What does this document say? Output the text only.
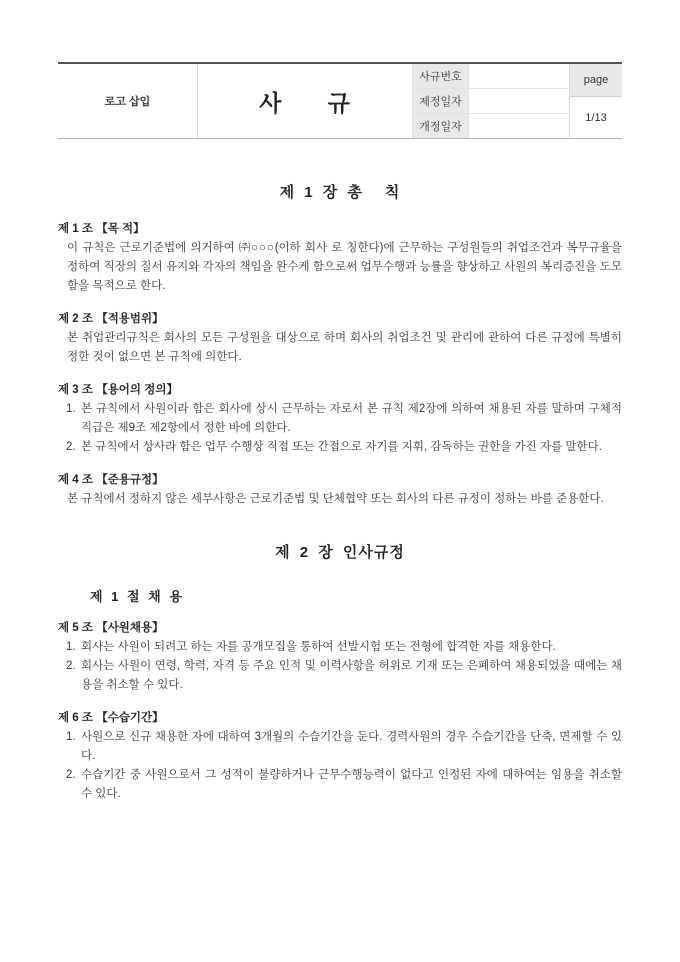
로고 삽입	사 규
사규번호
제정일자
개정일자
page
1/13
제 1 장 총 칙
제 1 조 【목 적】

이 규칙은 근로기준법에 의거하여 ㈜○○○(이하 회사 로 칭한다)에 근무하는 구성원들의 취업조건과 복무규율을 정하여 직장의 질서 유지와 각자의 책임을 완수케 함으로써 업무수행과 능률을 향상하고 사원의 복리증진을 도모함을 목적으로 한다.

제 2 조 【적용범위】

본 취업관리규칙은 회사의 모든 구성원을 대상으로 하며 회사의 취업조건 및 관리에 관하여 다른 규정에 특별히 정한 것이 없으면 본 규칙에 의한다.

제 3 조 【용어의 정의】
1. 본 규칙에서 사원이라 함은 회사에 상시 근무하는 자로서 본 규칙 제2장에 의하여 채용된 자를 말하며 구체적 직급은 제9조 제2항에서 정한 바에 의한다.
2. 본 규칙에서 상사라 함은 업무 수행상 직접 또는 간접으로 자기를 지휘, 감독하는 권한을 가진 자를 말한다.
제 4 조 【준용규정】

본 규칙에서 정하지 않은 세부사항은 근로기준법 및 단체협약 또는 회사의 다른 규정이 정하는 바를 준용한다.

제 2 장 인사규정
제 1 절 채 용
제 5 조 【사원채용】
1. 회사는 사원이 되려고 하는 자를 공개모집을 통하여 선발시험 또는 전형에 합격한 자를 채용한다.
2. 회사는 사원이 연령, 학력, 자격 등 주요 인적 및 이력사항을 허위로 기재 또는 은폐하여 채용되었을 때에는 채용을 취소할 수 있다.
제 6 조 【수습기간】
1. 사원으로 신규 채용한 자에 대하여 3개월의 수습기간을 둔다. 경력사원의 경우 수습기간을 단축, 면제할 수 있다.
2. 수습기간 중 사원으로서 그 성적이 불량하거나 근무수행능력이 없다고 인정된 자에 대하여는 임용을 취소할 수 있다.
